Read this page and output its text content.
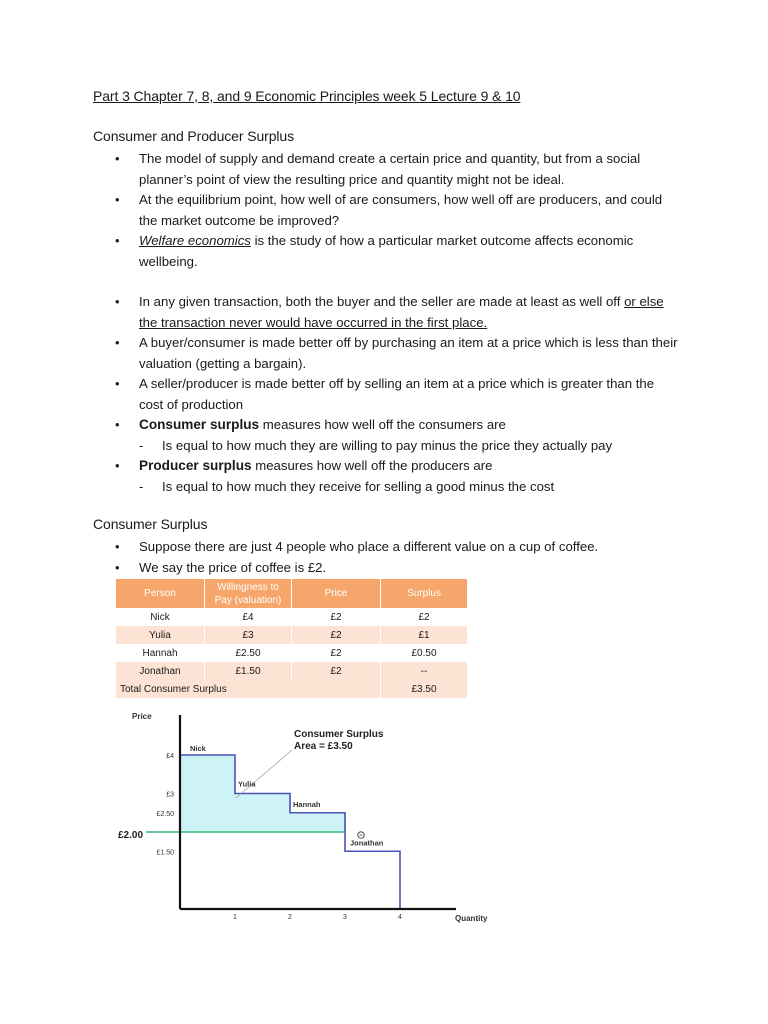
Part 3 Chapter 7, 8, and 9 Economic Principles week 5 Lecture 9 & 10
Consumer and Producer Surplus
• The model of supply and demand create a certain price and quantity, but from a social planner’s point of view the resulting price and quantity might not be ideal.
• At the equilibrium point, how well of are consumers, how well off are producers, and could the market outcome be improved?
• Welfare economics is the study of how a particular market outcome affects economic wellbeing.
• In any given transaction, both the buyer and the seller are made at least as well off or else the transaction never would have occurred in the first place.
• A buyer/consumer is made better off by purchasing an item at a price which is less than their valuation (getting a bargain).
• A seller/producer is made better off by selling an item at a price which is greater than the cost of production
• Consumer surplus measures how well off the consumers are
- Is equal to how much they are willing to pay minus the price they actually pay
• Producer surplus measures how well off the producers are
- Is equal to how much they receive for selling a good minus the cost
Consumer Surplus
• Suppose there are just 4 people who place a different value on a cup of coffee.
• We say the price of coffee is £2.
Person	Willingness to Pay (valuation)	Price	Surplus
Nick	£4	£2	£2
Yulia	£3	£2	£1
Hannah	£2.50	£2	£0.50
Jonathan	£1.50	£2	--
Total Consumer Surplus			£3.50
Price
Quantity
Consumer Surplus
Area = £3.50
£2.00
£4
£3
£2.50
£1.50
1	2	3	4
Nick
Yulia
Hannah
Jonathan
